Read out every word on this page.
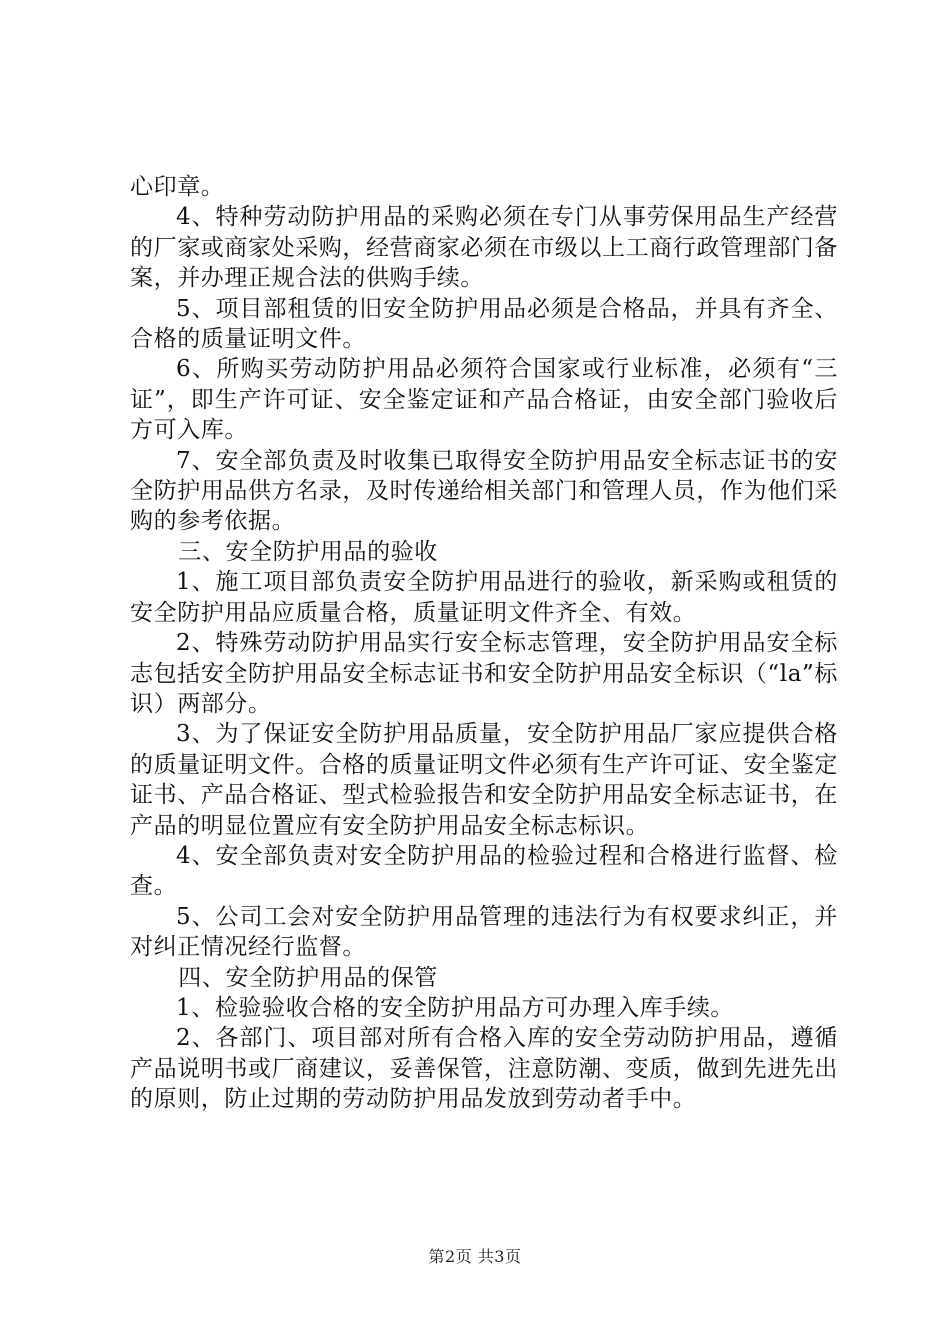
心印章。

4、特种劳动防护用品的采购必须在专门从事劳保用品生产经营的厂家或商家处采购，经营商家必须在市级以上工商行政管理部门备案，并办理正规合法的供购手续。

5、项目部租赁的旧安全防护用品必须是合格品，并具有齐全、合格的质量证明文件。

6、所购买劳动防护用品必须符合国家或行业标准，必须有“三证”，即生产许可证、安全鉴定证和产品合格证，由安全部门验收后方可入库。

7、安全部负责及时收集已取得安全防护用品安全标志证书的安全防护用品供方名录，及时传递给相关部门和管理人员，作为他们采购的参考依据。

三、安全防护用品的验收

1、施工项目部负责安全防护用品进行的验收，新采购或租赁的安全防护用品应质量合格，质量证明文件齐全、有效。

2、特殊劳动防护用品实行安全标志管理，安全防护用品安全标志包括安全防护用品安全标志证书和安全防护用品安全标识（“la”标识）两部分。

3、为了保证安全防护用品质量，安全防护用品厂家应提供合格的质量证明文件。合格的质量证明文件必须有生产许可证、安全鉴定证书、产品合格证、型式检验报告和安全防护用品安全标志证书，在产品的明显位置应有安全防护用品安全标志标识。

4、安全部负责对安全防护用品的检验过程和合格进行监督、检查。

5、公司工会对安全防护用品管理的违法行为有权要求纠正，并对纠正情况经行监督。

四、安全防护用品的保管

1、检验验收合格的安全防护用品方可办理入库手续。

2、各部门、项目部对所有合格入库的安全劳动防护用品，遵循产品说明书或厂商建议，妥善保管，注意防潮、变质，做到先进先出的原则，防止过期的劳动防护用品发放到劳动者手中。

第2页 共3页
